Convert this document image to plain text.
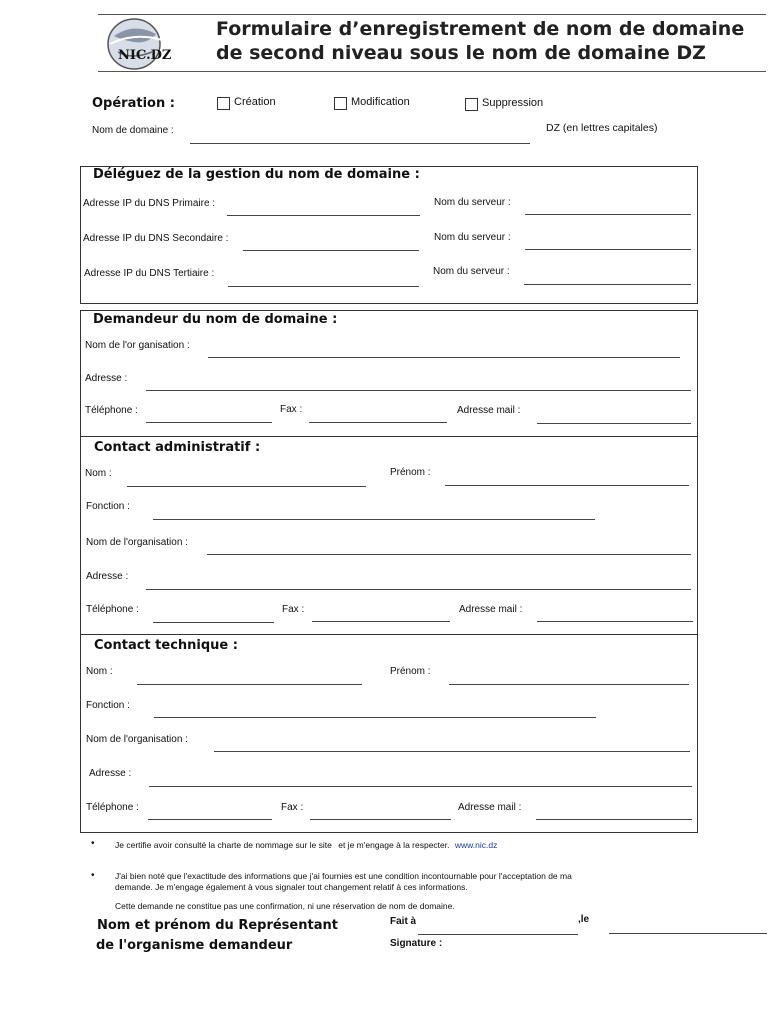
NIC.DZ
Formulaire d’enregistrement de nom de domaine
de second niveau sous le nom de domaine DZ
Opération :	Création	Modification	Suppression
Nom de domaine :	DZ (en lettres capitales)
Déléguez de la gestion du nom de domaine :
Adresse IP du DNS Primaire :	Nom du serveur :
Adresse IP du DNS Secondaire :	Nom du serveur :
Adresse IP du DNS Tertiaire :	Nom du serveur :
Demandeur du nom de domaine :
Nom de l'or ganisation :
Adresse :
Téléphone :	Fax :	Adresse mail :
Contact administratif :
Nom :	Prénom :
Fonction :
Nom de l'organisation :
Adresse :
Téléphone :	Fax :	Adresse mail :
Contact technique :
Nom :	Prénom :
Fonction :
Nom de l'organisation :
Adresse :
Téléphone :	Fax :	Adresse mail :
• Je certifie avoir consulté la charte de nommage sur le site et je m'engage à la respecter. www.nic.dz
• J'ai bien noté que l'exactitude des informations que j'ai fournies est une condition incontournable pour l'acceptation de ma
demande. Je m'engage également à vous signaler tout changement relatif à ces informations.
Cette demande ne constitue pas une confirmation, ni une réservation de nom de domaine.
Nom et prénom du Représentant
de l'organisme demandeur
Fait à	,le
Signature :
